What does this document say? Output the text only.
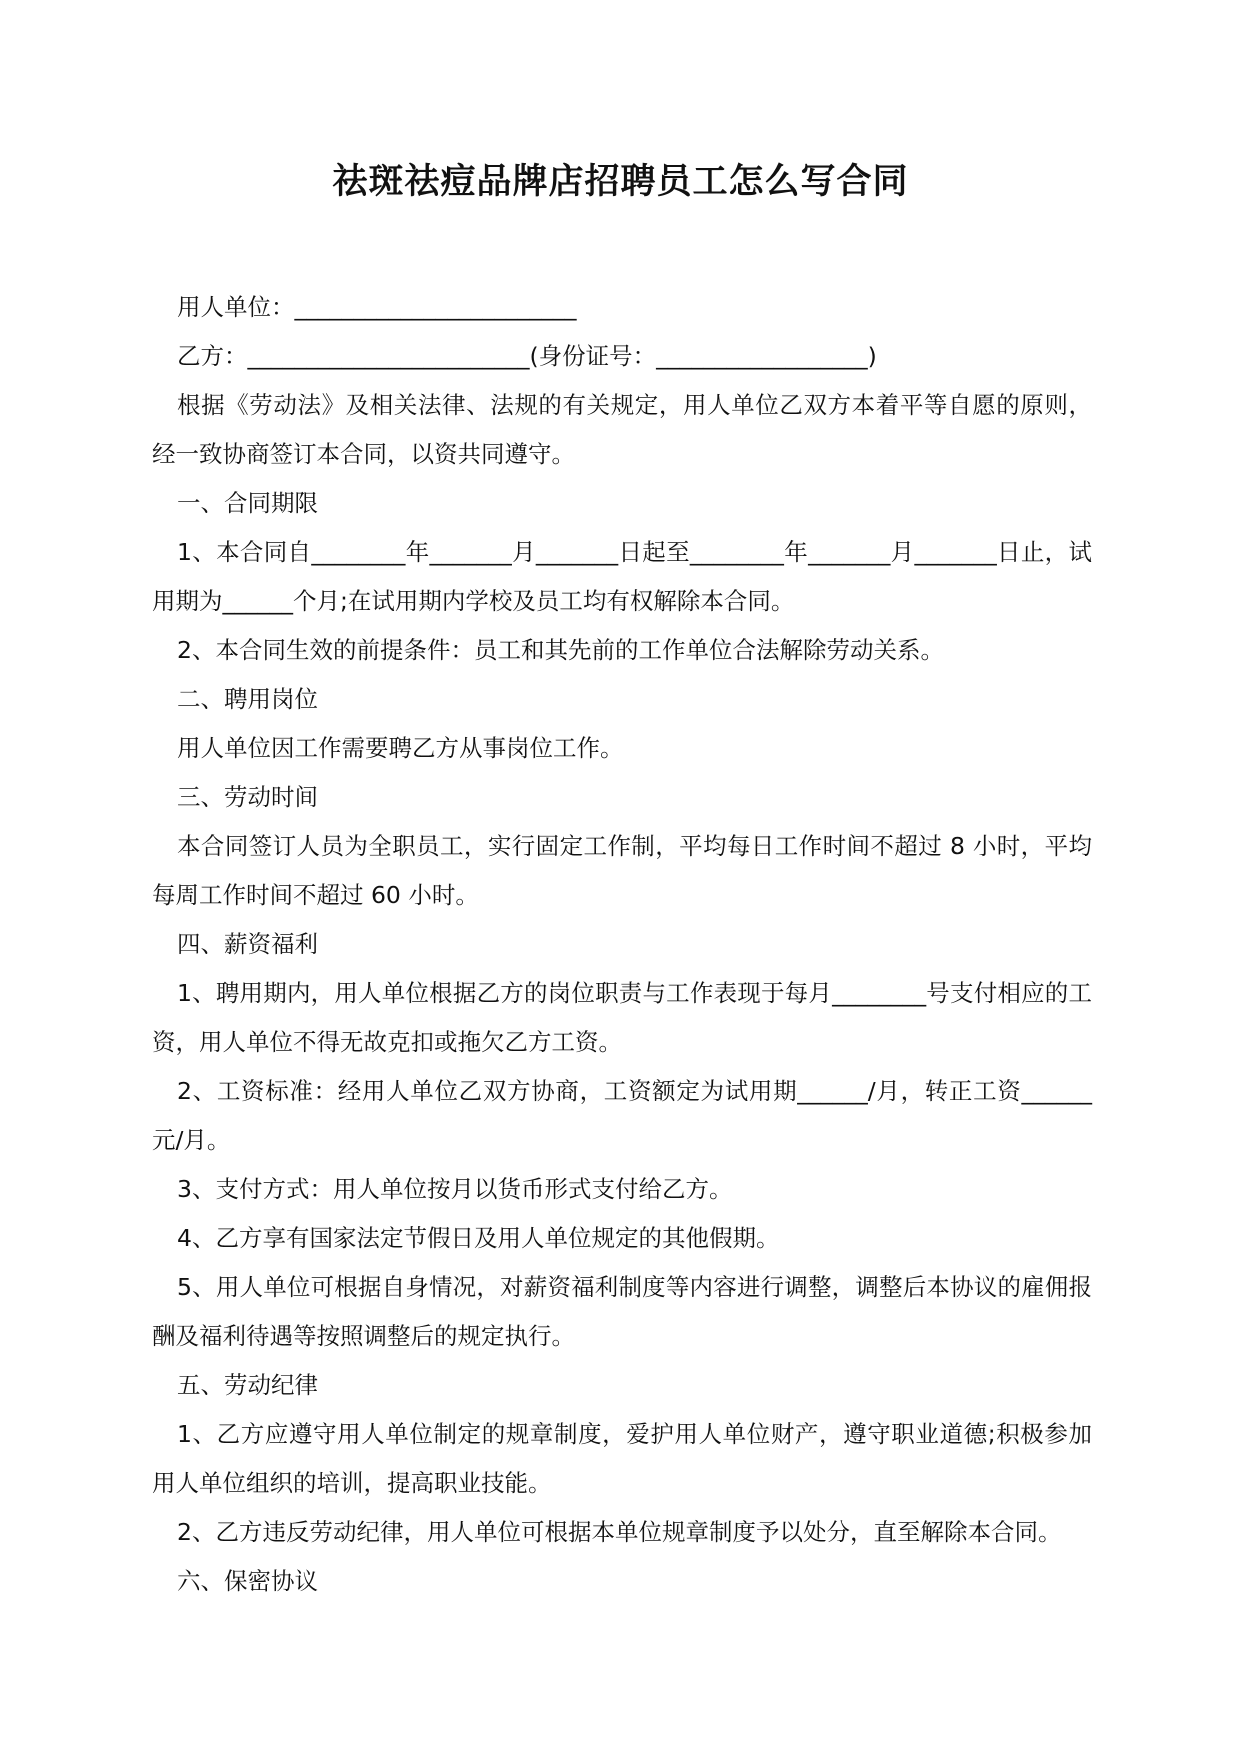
祛斑祛痘品牌店招聘员工怎么写合同

用人单位：________________________

乙方：________________________(身份证号：__________________)

根据《劳动法》及相关法律、法规的有关规定，用人单位乙双方本着平等自愿的原则，经一致协商签订本合同，以资共同遵守。

一、合同期限

1、本合同自________年_______月_______日起至________年_______月_______日止，试用期为______个月;在试用期内学校及员工均有权解除本合同。

2、本合同生效的前提条件：员工和其先前的工作单位合法解除劳动关系。

二、聘用岗位

用人单位因工作需要聘乙方从事岗位工作。

三、劳动时间

本合同签订人员为全职员工，实行固定工作制，平均每日工作时间不超过 8 小时，平均每周工作时间不超过 60 小时。

四、薪资福利

1、聘用期内，用人单位根据乙方的岗位职责与工作表现于每月________号支付相应的工资，用人单位不得无故克扣或拖欠乙方工资。

2、工资标准：经用人单位乙双方协商，工资额定为试用期______/月，转正工资______元/月。

3、支付方式：用人单位按月以货币形式支付给乙方。

4、乙方享有国家法定节假日及用人单位规定的其他假期。

5、用人单位可根据自身情况，对薪资福利制度等内容进行调整，调整后本协议的雇佣报酬及福利待遇等按照调整后的规定执行。

五、劳动纪律

1、乙方应遵守用人单位制定的规章制度，爱护用人单位财产，遵守职业道德;积极参加用人单位组织的培训，提高职业技能。

2、乙方违反劳动纪律，用人单位可根据本单位规章制度予以处分，直至解除本合同。

六、保密协议
